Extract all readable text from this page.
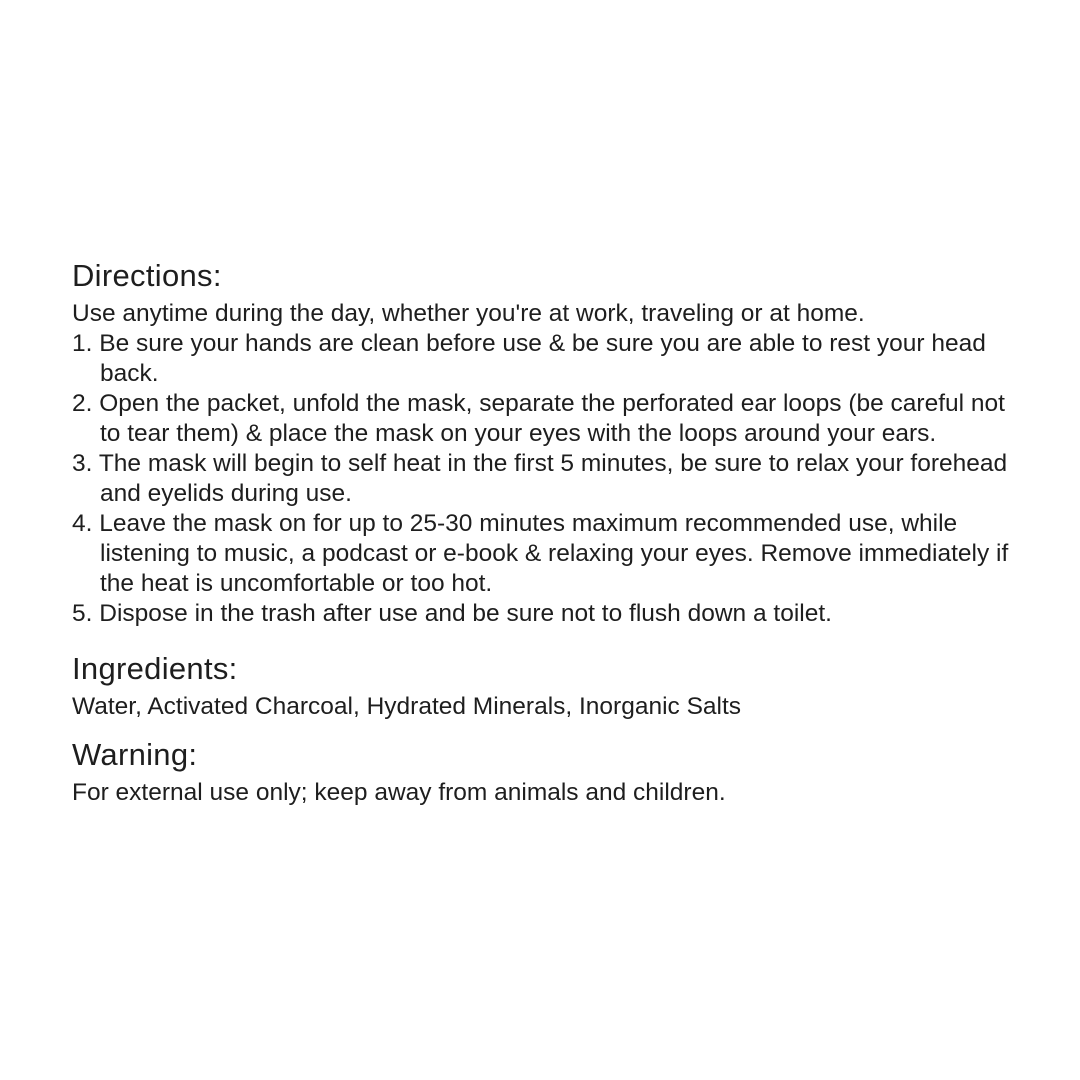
Directions:

Use anytime during the day, whether you're at work, traveling or at home.

1. Be sure your hands are clean before use & be sure you are able to rest your head back.
2. Open the packet, unfold the mask, separate the perforated ear loops (be careful not to tear them) & place the mask on your eyes with the loops around your ears.
3. The mask will begin to self heat in the first 5 minutes, be sure to relax your forehead and eyelids during use.
4. Leave the mask on for up to 25-30 minutes maximum recommended use, while listening to music, a podcast or e-book & relaxing your eyes. Remove immediately if the heat is uncomfortable or too hot.
5. Dispose in the trash after use and be sure not to flush down a toilet.
Ingredients:

Water, Activated Charcoal, Hydrated Minerals, Inorganic Salts

Warning:

For external use only; keep away from animals and children.
